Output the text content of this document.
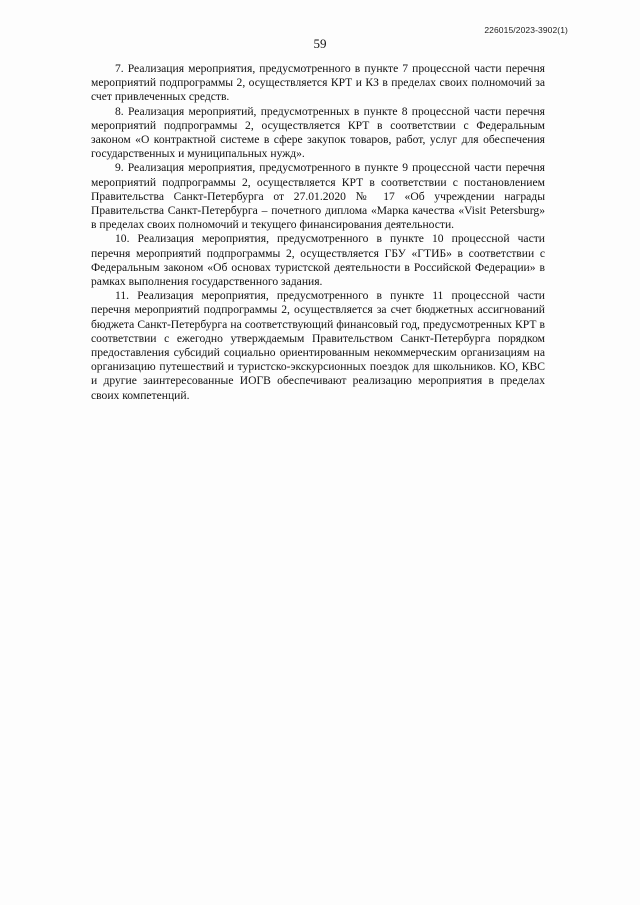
226015/2023-3902(1)
59

7. Реализация мероприятия, предусмотренного в пункте 7 процессной части перечня мероприятий подпрограммы 2, осуществляется КРТ и КЗ в пределах своих полномочий за счет привлеченных средств.

8. Реализация мероприятий, предусмотренных в пункте 8 процессной части перечня мероприятий подпрограммы 2, осуществляется КРТ в соответствии с Федеральным законом «О контрактной системе в сфере закупок товаров, работ, услуг для обеспечения государственных и муниципальных нужд».

9. Реализация мероприятия, предусмотренного в пункте 9 процессной части перечня мероприятий подпрограммы 2, осуществляется КРТ в соответствии с постановлением Правительства Санкт-Петербурга от 27.01.2020 № 17 «Об учреждении награды Правительства Санкт-Петербурга – почетного диплома «Марка качества «Visit Petersburg» в пределах своих полномочий и текущего финансирования деятельности.

10. Реализация мероприятия, предусмотренного в пункте 10 процессной части перечня мероприятий подпрограммы 2, осуществляется ГБУ «ГТИБ» в соответствии с Федеральным законом «Об основах туристской деятельности в Российской Федерации» в рамках выполнения государственного задания.

11. Реализация мероприятия, предусмотренного в пункте 11 процессной части перечня мероприятий подпрограммы 2, осуществляется за счет бюджетных ассигнований бюджета Санкт-Петербурга на соответствующий финансовый год, предусмотренных КРТ в соответствии с ежегодно утверждаемым Правительством Санкт-Петербурга порядком предоставления субсидий социально ориентированным некоммерческим организациям на организацию путешествий и туристско-экскурсионных поездок для школьников. КО, КВС и другие заинтересованные ИОГВ обеспечивают реализацию мероприятия в пределах своих компетенций.
